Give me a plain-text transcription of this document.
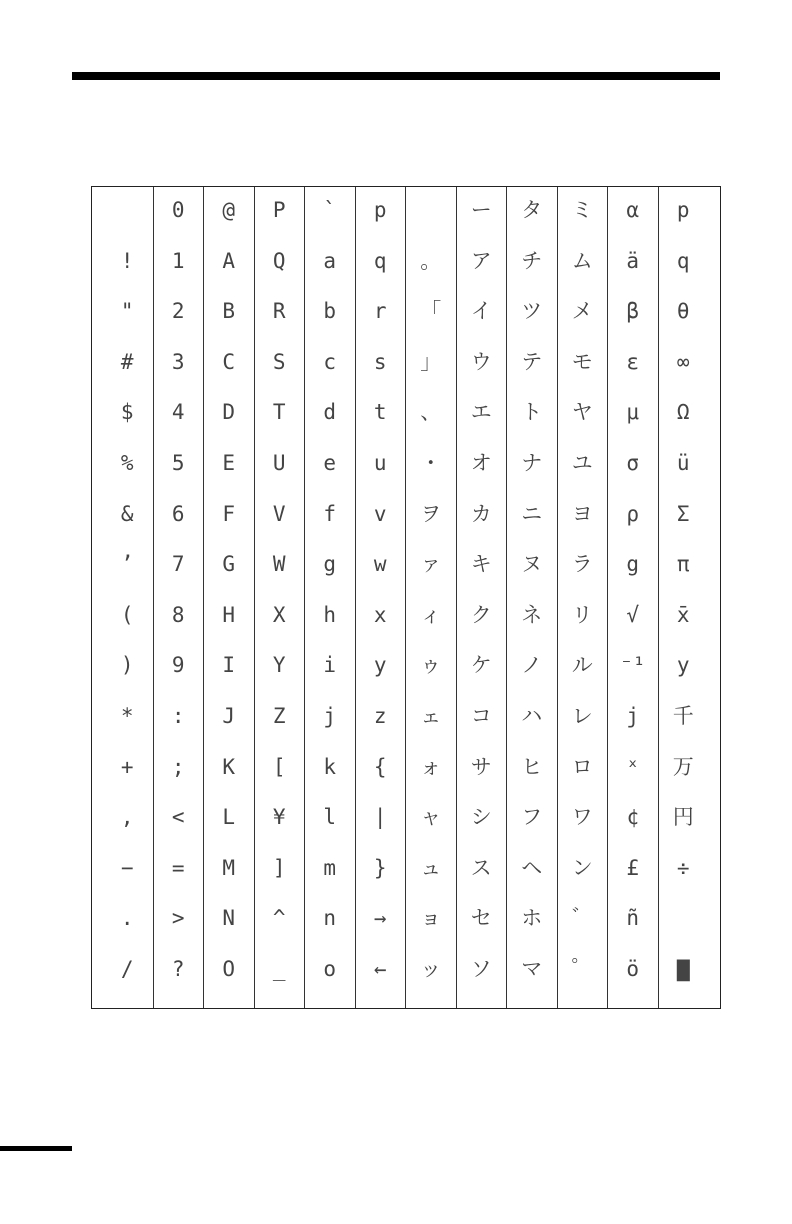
!
"
#
$
%
&
’
(
)
*
+
,
−
.
/
0
1
2
3
4
5
6
7
8
9
:
;
<
=
>
?
@
A
B
C
D
E
F
G
H
I
J
K
L
M
N
O
P
Q
R
S
T
U
V
W
X
Y
Z
[
¥
]
^
_
`
a
b
c
d
e
f
g
h
i
j
k
l
m
n
o
p
q
r
s
t
u
v
w
x
y
z
{
|
}
→
←
。
「
」
、
・
ヲ
ァ
ィ
ゥ
ェ
ォ
ャ
ュ
ョ
ッ
ー
ア
イ
ウ
エ
オ
カ
キ
ク
ケ
コ
サ
シ
ス
セ
ソ
タ
チ
ツ
テ
ト
ナ
ニ
ヌ
ネ
ノ
ハ
ヒ
フ
ヘ
ホ
マ
ミ
ム
メ
モ
ヤ
ユ
ヨ
ラ
リ
ル
レ
ロ
ワ
ン
゛
゜
α
ä
β
ε
μ
σ
ρ
g
√
⁻¹
j
ˣ
¢
£
ñ
ö
p
q
θ
∞
Ω
ü
Σ
π
x̄
y
千
万
円
÷
▇
